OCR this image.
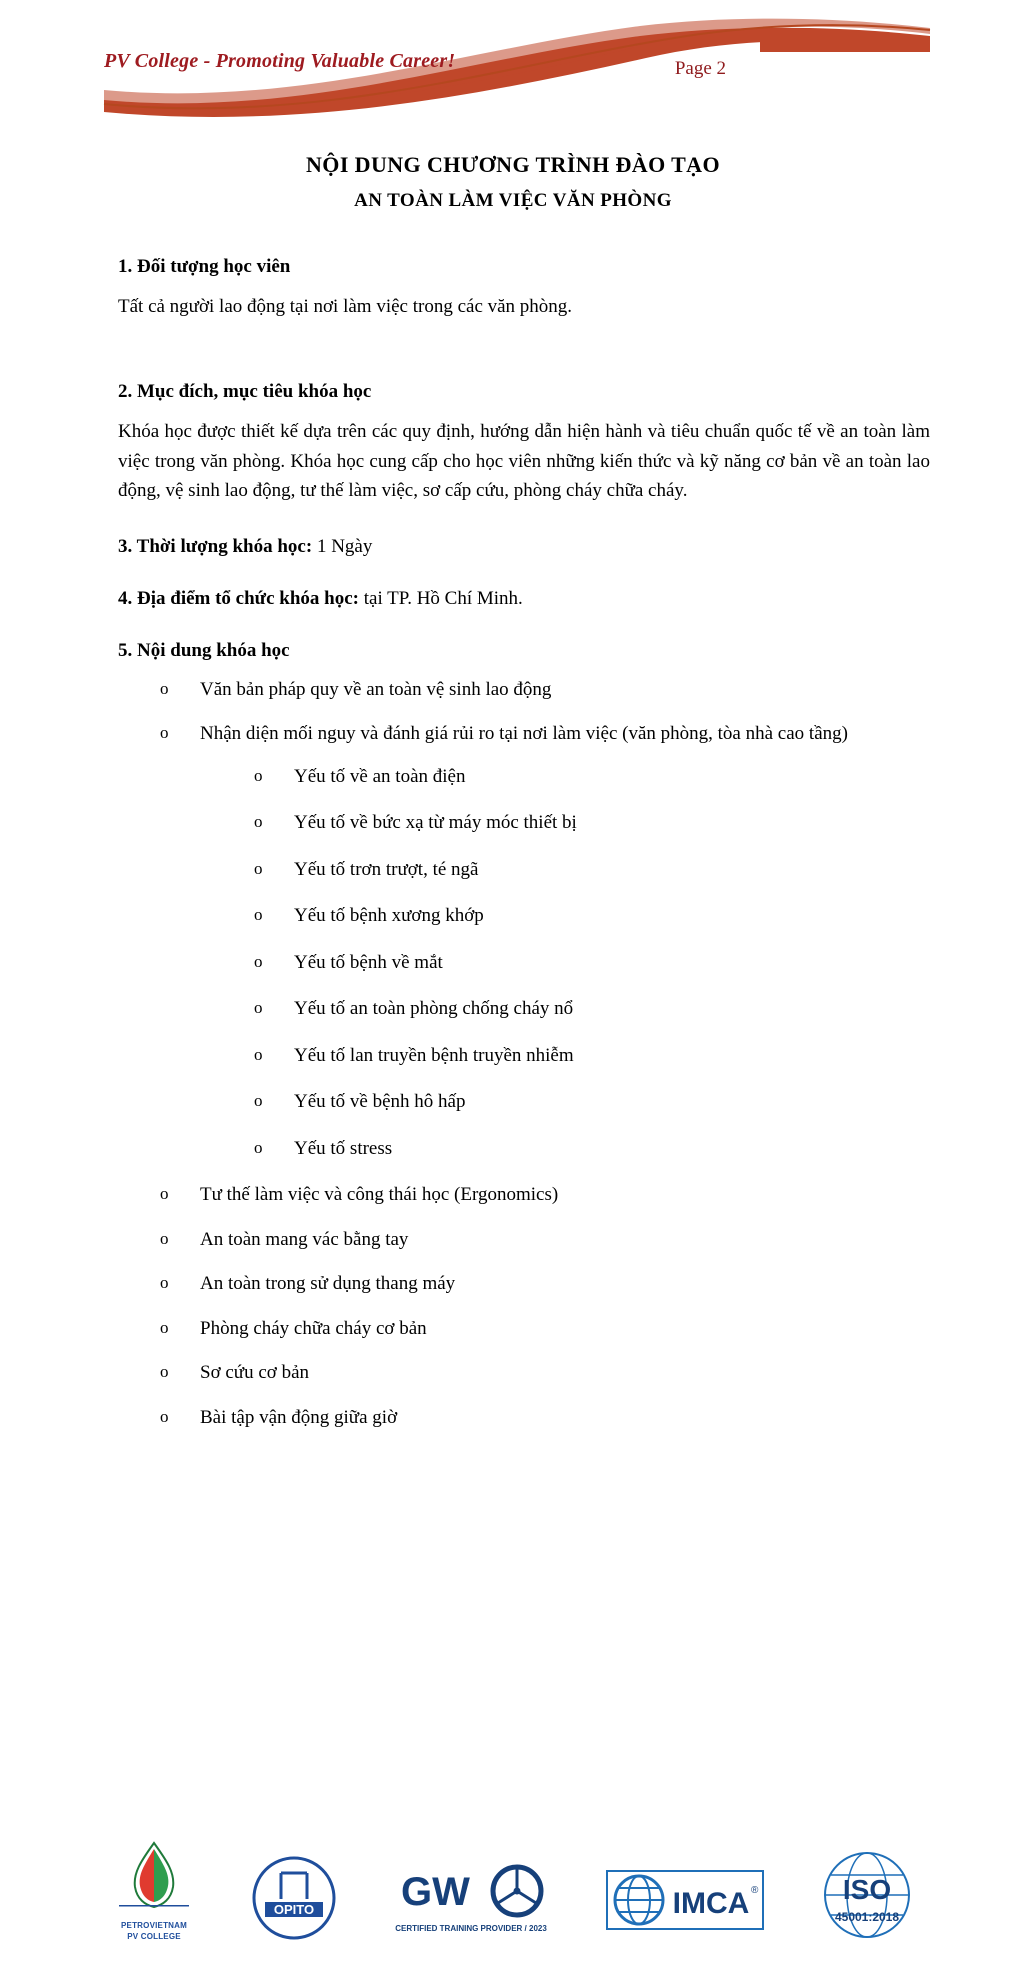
PV College - Promoting Valuable Career!	Page 2
NỘI DUNG CHƯƠNG TRÌNH ĐÀO TẠO
AN TOÀN LÀM VIỆC VĂN PHÒNG
1. Đối tượng học viên
Tất cả người lao động tại nơi làm việc trong các văn phòng.
2. Mục đích, mục tiêu khóa học
Khóa học được thiết kế dựa trên các quy định, hướng dẫn hiện hành và tiêu chuẩn quốc tế về an toàn làm việc trong văn phòng. Khóa học cung cấp cho học viên những kiến thức và kỹ năng cơ bản về an toàn lao động, vệ sinh lao động, tư thế làm việc, sơ cấp cứu, phòng cháy chữa cháy.
3. Thời lượng khóa học: 1 Ngày
4. Địa điểm tổ chức khóa học: tại TP. Hồ Chí Minh.
5. Nội dung khóa học
o Văn bản pháp quy về an toàn vệ sinh lao động
o Nhận diện mối nguy và đánh giá rủi ro tại nơi làm việc (văn phòng, tòa nhà cao tầng)
o Yếu tố về an toàn điện
o Yếu tố về bức xạ từ máy móc thiết bị
o Yếu tố trơn trượt, té ngã
o Yếu tố bệnh xương khớp
o Yếu tố bệnh về mắt
o Yếu tố an toàn phòng chống cháy nổ
o Yếu tố lan truyền bệnh truyền nhiễm
o Yếu tố về bệnh hô hấp
o Yếu tố stress
o Tư thế làm việc và công thái học (Ergonomics)
o An toàn mang vác bằng tay
o An toàn trong sử dụng thang máy
o Phòng cháy chữa cháy cơ bản
o Sơ cứu cơ bản
o Bài tập vận động giữa giờ
PETROVIETNAM
PV COLLEGE
OPITO GW
CERTIFIED TRAINING PROVIDER / 2023
IMCA ®	ISO
45001:2018
